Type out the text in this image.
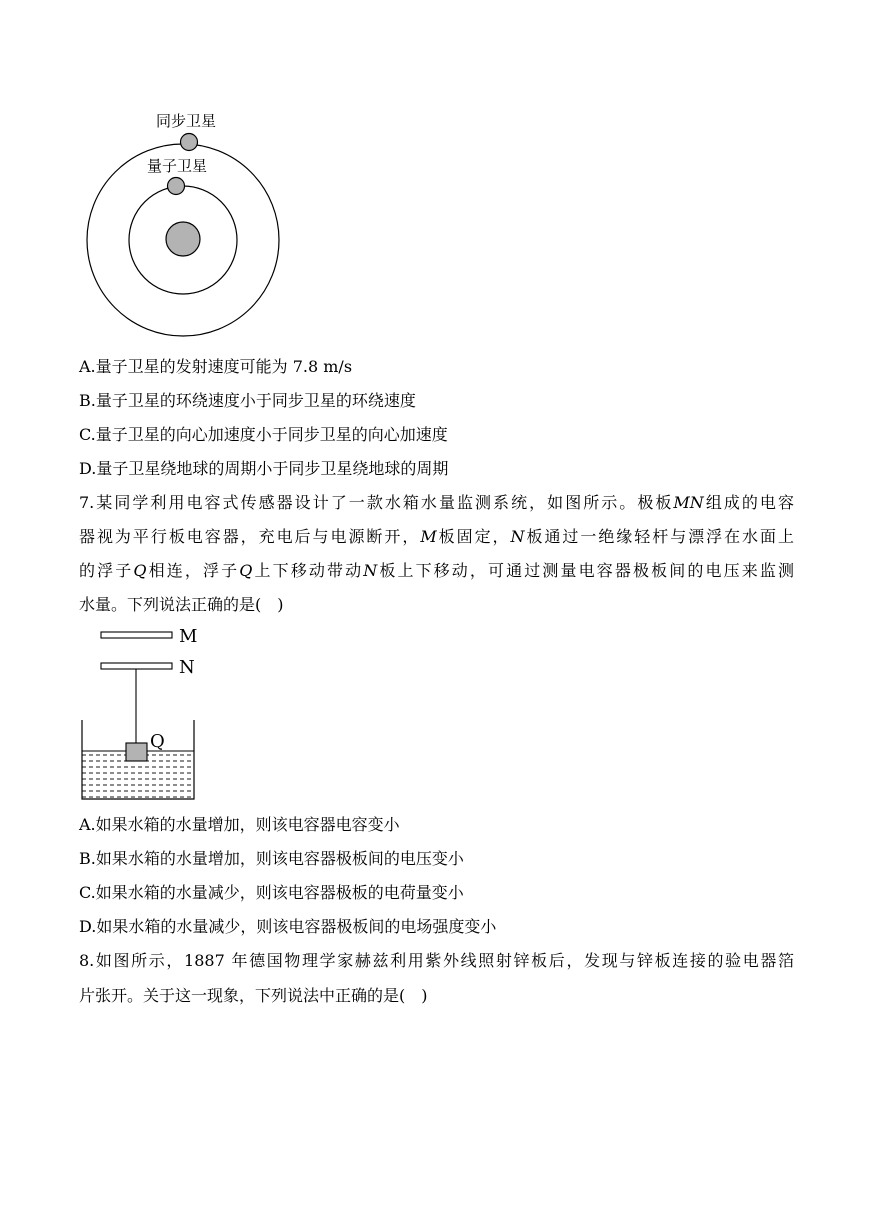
同步卫星
量子卫星
A.量子卫星的发射速度可能为 7.8 m/s
B.量子卫星的环绕速度小于同步卫星的环绕速度
C.量子卫星的向心加速度小于同步卫星的向心加速度
D.量子卫星绕地球的周期小于同步卫星绕地球的周期
7.某同学利用电容式传感器设计了一款水箱水量监测系统，如图所示。极板MN组成的电容
器视为平行板电容器，充电后与电源断开，M板固定，N板通过一绝缘轻杆与漂浮在水面上
的浮子Q相连，浮子Q上下移动带动N板上下移动，可通过测量电容器极板间的电压来监测
水量。下列说法正确的是(　)
M
N
Q
A.如果水箱的水量增加，则该电容器电容变小
B.如果水箱的水量增加，则该电容器极板间的电压变小
C.如果水箱的水量减少，则该电容器极板的电荷量变小
D.如果水箱的水量减少，则该电容器极板间的电场强度变小
8.如图所示，1887 年德国物理学家赫兹利用紫外线照射锌板后，发现与锌板连接的验电器箔
片张开。关于这一现象，下列说法中正确的是(　)
